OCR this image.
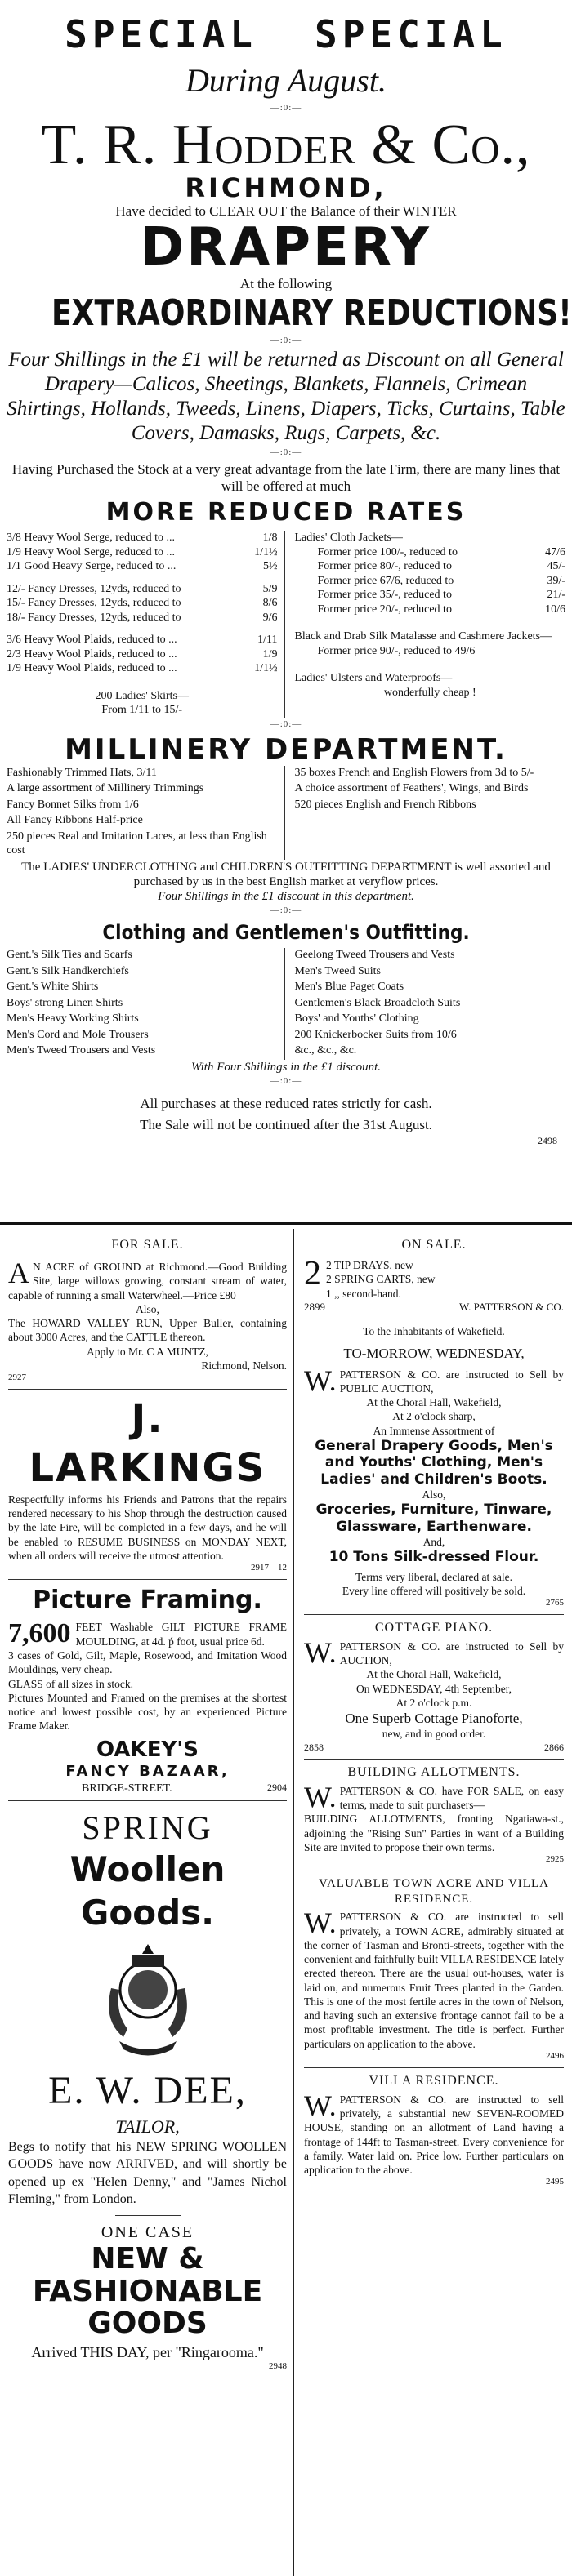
SPECIAL SPECIAL
During August.
—:0:—
T. R. Hodder & Co.,
RICHMOND,
Have decided to CLEAR OUT the Balance of their WINTER
DRAPERY
At the following
EXTRAORDINARY REDUCTIONS!
—:0:—
Four Shillings in the £1 will be returned as Discount on all General Drapery—Calicos, Sheetings, Blankets, Flannels, Crimean Shirtings, Hollands, Tweeds, Linens, Diapers, Ticks, Curtains, Table Covers, Damasks, Rugs, Carpets, &c.
—:0:—
Having Purchased the Stock at a very great advantage from the late Firm, there are many lines that will be offered at much
MORE REDUCED RATES
3/8 Heavy Wool Serge, reduced to ...	1/8
1/9 Heavy Wool Serge, reduced to ...	1/1½
1/1 Good Heavy Serge, reduced to ...	5½
12/- Fancy Dresses, 12yds, reduced to	5/9
15/- Fancy Dresses, 12yds, reduced to	8/6
18/- Fancy Dresses, 12yds, reduced to	9/6
3/6 Heavy Wool Plaids, reduced to ...	1/11
2/3 Heavy Wool Plaids, reduced to ...	1/9
1/9 Heavy Wool Plaids, reduced to ...	1/1½
200 Ladies' Skirts—
From 1/11 to 15/-
Ladies' Cloth Jackets—
Former price 100/-, reduced to	47/6
Former price 80/-, reduced to	45/-
Former price 67/6, reduced to	39/-
Former price 35/-, reduced to	21/-
Former price 20/-, reduced to	10/6
Black and Drab Silk Matalasse and Cashmere Jackets—
Former price 90/-, reduced to 49/6
Ladies' Ulsters and Waterproofs—
wonderfully cheap !
—:0:—
MILLINERY DEPARTMENT.
Fashionably Trimmed Hats, 3/11
A large assortment of Millinery Trimmings
Fancy Bonnet Silks from 1/6
All Fancy Ribbons Half-price
250 pieces Real and Imitation Laces, at less than English cost
35 boxes French and English Flowers from 3d to 5/-
A choice assortment of Feathers', Wings, and Birds
520 pieces English and French Ribbons
The LADIES' UNDERCLOTHING and CHILDREN'S OUTFITTING DEPARTMENT is well assorted and purchased by us in the best English market at veryflow prices.
Four Shillings in the £1 discount in this department.
—:0:—
Clothing and Gentlemen's Outfitting.
Gent.'s Silk Ties and Scarfs
Gent.'s Silk Handkerchiefs
Gent.'s White Shirts
Boys' strong Linen Shirts
Men's Heavy Working Shirts
Men's Cord and Mole Trousers
Men's Tweed Trousers and Vests
Geelong Tweed Trousers and Vests
Men's Tweed Suits
Men's Blue Paget Coats
Gentlemen's Black Broadcloth Suits
Boys' and Youths' Clothing
200 Knickerbocker Suits from 10/6
&c., &c., &c.
With Four Shillings in the £1 discount.
—:0:—
All purchases at these reduced rates strictly for cash.
The Sale will not be continued after the 31st August.
2498
FOR SALE.
A N ACRE of GROUND at Richmond.—Good Building Site, large willows growing, constant stream of water, capable of running a small Waterwheel.—Price £80
Also,
The HOWARD VALLEY RUN, Upper Buller, containing about 3000 Acres, and the CATTLE thereon.
Apply to Mr. C A MUNTZ,
Richmond, Nelson.
2927
J. LARKINGS
Respectfully informs his Friends and Patrons that the repairs rendered necessary to his Shop through the destruction caused by the late Fire, will be completed in a few days, and he will be enabled to RESUME BUSINESS on MONDAY NEXT, when all orders will receive the utmost attention.
2917—12
Picture Framing.
7,600 FEET Washable GILT PICTURE FRAME MOULDING, at 4d. ṕ foot, usual price 6d.
3 cases of Gold, Gilt, Maple, Rosewood, and Imitation Wood Mouldings, very cheap.
GLASS of all sizes in stock.
Pictures Mounted and Framed on the premises at the shortest notice and lowest possible cost, by an experienced Picture Frame Maker.
OAKEY'S
FANCY BAZAAR,
BRIDGE-STREET.	2904
SPRING
Woollen Goods.
E. W. DEE,
TAILOR,
Begs to notify that his NEW SPRING WOOLLEN GOODS have now ARRIVED, and will shortly be opened up ex "Helen Denny," and "James Nichol Fleming," from London.
ONE CASE
NEW & FASHIONABLE GOODS
Arrived THIS DAY, per "Ringarooma."
2948
ON SALE.
2 2 TIP DRAYS, new
2 SPRING CARTS, new
1 ,, second-hand.
2899	W. PATTERSON & CO.
To the Inhabitants of Wakefield.
TO-MORROW, WEDNESDAY,
W. PATTERSON & CO. are instructed to Sell by PUBLIC AUCTION,
At the Choral Hall, Wakefield,
At 2 o'clock sharp,
An Immense Assortment of
General Drapery Goods, Men's and Youths' Clothing, Men's Ladies' and Children's Boots.
Also,
Groceries, Furniture, Tinware, Glassware, Earthenware.
And,
10 Tons Silk-dressed Flour.
Terms very liberal, declared at sale.
Every line offered will positively be sold.
2765
COTTAGE PIANO.
W. PATTERSON & CO. are instructed to Sell by AUCTION,
At the Choral Hall, Wakefield,
On WEDNESDAY, 4th September,
At 2 o'clock p.m.
One Superb Cottage Pianoforte,
new, and in good order.
2858	2866
BUILDING ALLOTMENTS.
W. PATTERSON & CO. have FOR SALE, on easy terms, made to suit purchasers—
BUILDING ALLOTMENTS, fronting Ngatiawa-st., adjoining the "Rising Sun" Parties in want of a Building Site are invited to propose their own terms.
2925
VALUABLE TOWN ACRE AND VILLA RESIDENCE.
W. PATTERSON & CO. are instructed to sell privately, a TOWN ACRE, admirably situated at the corner of Tasman and Bronti-streets, together with the convenient and faithfully built VILLA RESIDENCE lately erected thereon. There are the usual out-houses, water is laid on, and numerous Fruit Trees planted in the Garden. This is one of the most fertile acres in the town of Nelson, and having such an extensive frontage cannot fail to be a most profitable investment. The title is perfect. Further particulars on application to the above.
2496
VILLA RESIDENCE.
W. PATTERSON & CO. are instructed to sell privately, a substantial new SEVEN-ROOMED HOUSE, standing on an allotment of Land having a frontage of 144ft to Tasman-street. Every convenience for a family. Water laid on. Price low. Further particulars on application to the above.
2495
